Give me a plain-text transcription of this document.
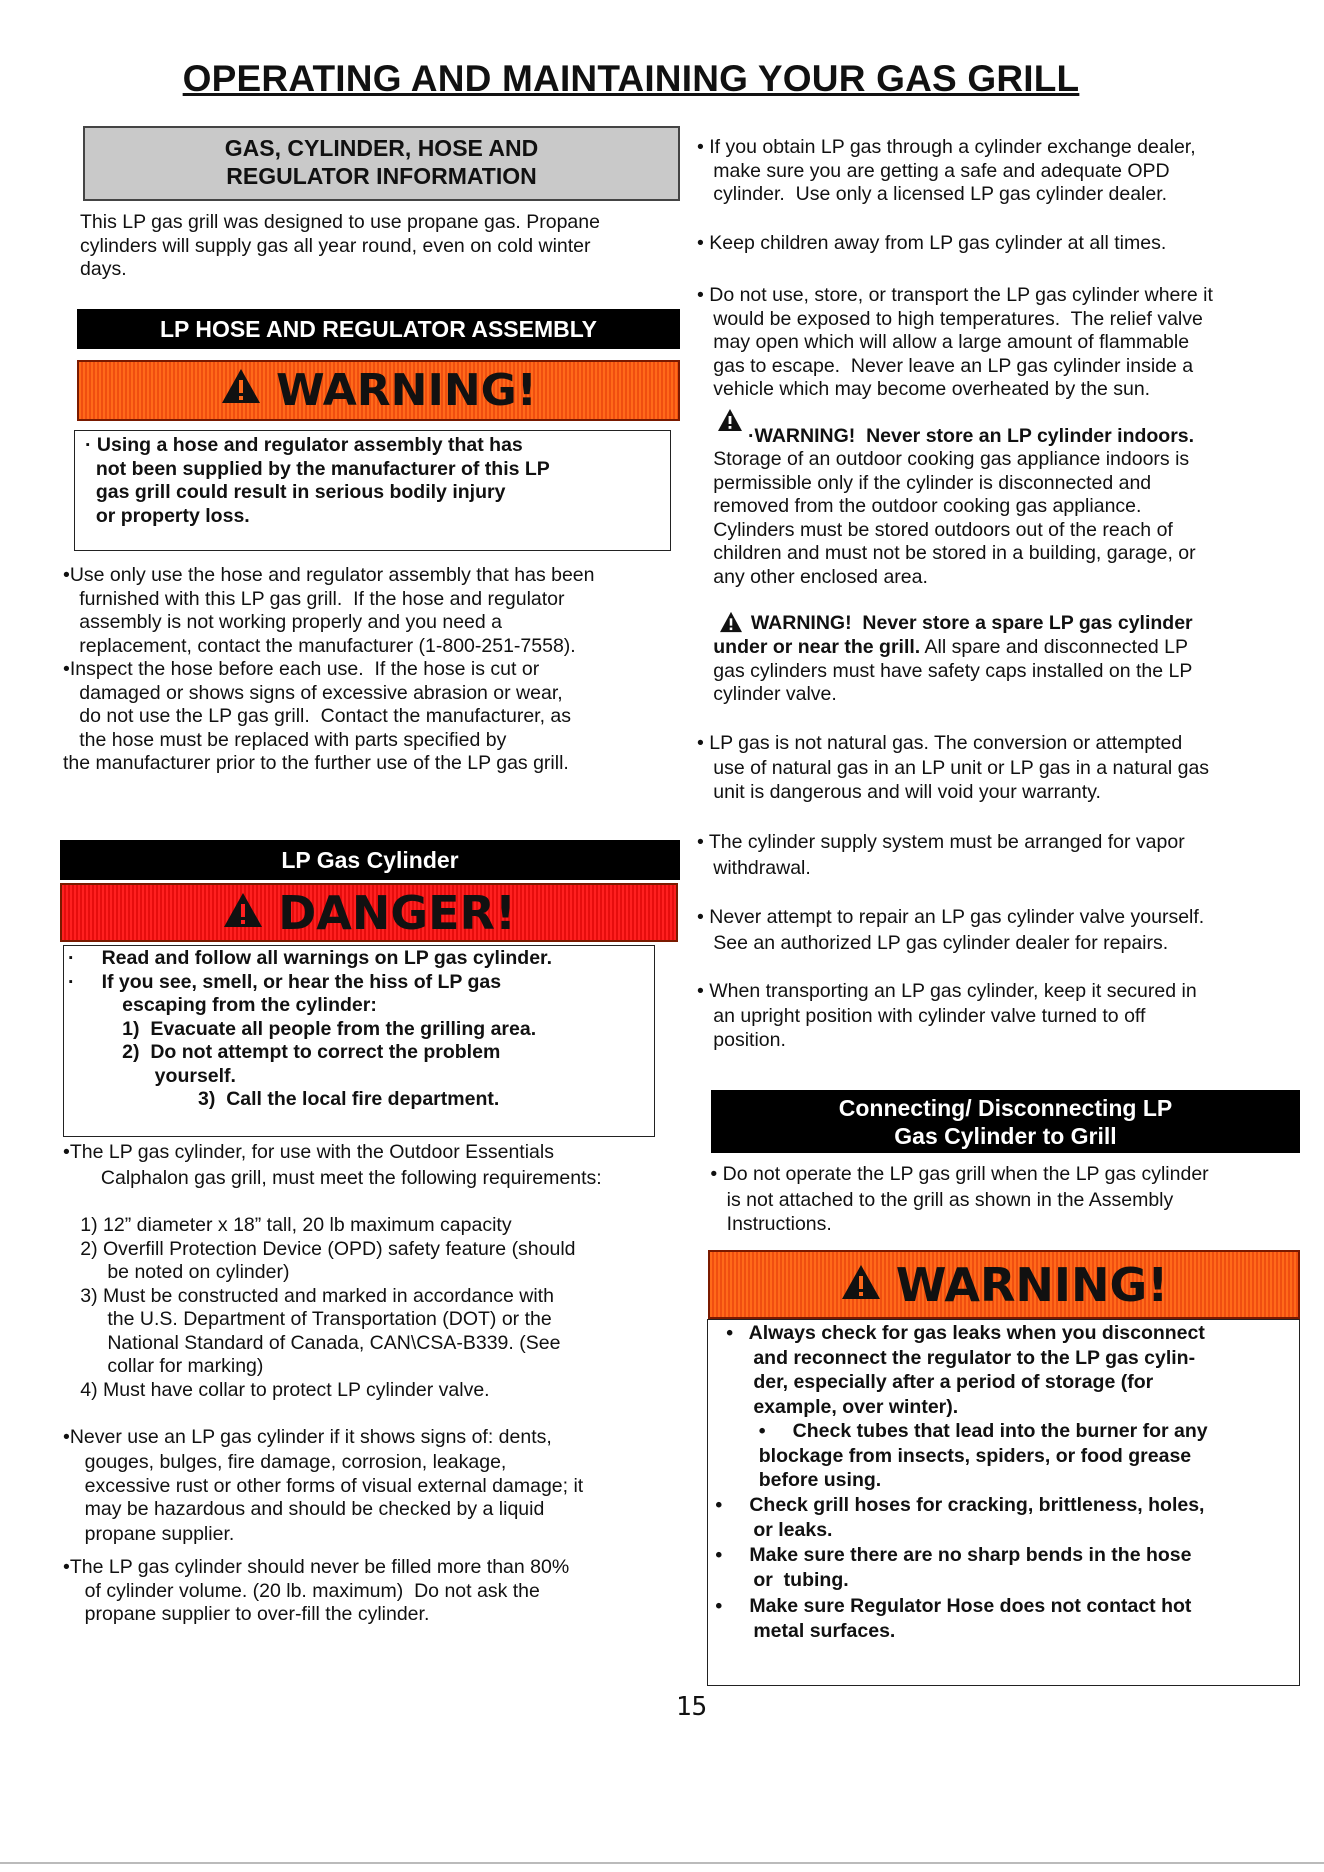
OPERATING AND MAINTAINING YOUR GAS GRILL
GAS, CYLINDER, HOSE AND
REGULATOR INFORMATION
This LP gas grill was designed to use propane gas. Propane
cylinders will supply gas all year round, even on cold winter
days.
LP HOSE AND REGULATOR ASSEMBLY
WARNING!
· Using a hose and regulator assembly that has
not been supplied by the manufacturer of this LP
gas grill could result in serious bodily injury
or property loss.
•Use only use the hose and regulator assembly that has been
furnished with this LP gas grill.  If the hose and regulator
assembly is not working properly and you need a
replacement, contact the manufacturer (1-800-251-7558).
•Inspect the hose before each use.  If the hose is cut or
damaged or shows signs of excessive abrasion or wear,
do not use the LP gas grill.  Contact the manufacturer, as
the hose must be replaced with parts specified by
the manufacturer prior to the further use of the LP gas grill.
LP Gas Cylinder
DANGER!
·     Read and follow all warnings on LP gas cylinder.
·     If you see, smell, or hear the hiss of LP gas
escaping from the cylinder:
1)  Evacuate all people from the grilling area.
2)  Do not attempt to correct the problem
yourself.
3)  Call the local fire department.
•The LP gas cylinder, for use with the Outdoor Essentials
Calphalon gas grill, must meet the following requirements:
1) 12” diameter x 18” tall, 20 lb maximum capacity
2) Overfill Protection Device (OPD) safety feature (should
be noted on cylinder)
3) Must be constructed and marked in accordance with
the U.S. Department of Transportation (DOT) or the
National Standard of Canada, CAN\CSA-B339. (See
collar for marking)
4) Must have collar to protect LP cylinder valve.
•Never use an LP gas cylinder if it shows signs of: dents,
gouges, bulges, fire damage, corrosion, leakage,
excessive rust or other forms of visual external damage; it
may be hazardous and should be checked by a liquid
propane supplier.
•The LP gas cylinder should never be filled more than 80%
of cylinder volume. (20 lb. maximum)  Do not ask the
propane supplier to over-fill the cylinder.
• If you obtain LP gas through a cylinder exchange dealer,
make sure you are getting a safe and adequate OPD
cylinder.  Use only a licensed LP gas cylinder dealer.
• Keep children away from LP gas cylinder at all times.
• Do not use, store, or transport the LP gas cylinder where it
would be exposed to high temperatures.  The relief valve
may open which will allow a large amount of flammable
gas to escape.  Never leave an LP gas cylinder inside a
vehicle which may become overheated by the sun.
·WARNING!  Never store an LP cylinder indoors.
Storage of an outdoor cooking gas appliance indoors is
permissible only if the cylinder is disconnected and
removed from the outdoor cooking gas appliance.
Cylinders must be stored outdoors out of the reach of
children and must not be stored in a building, garage, or
any other enclosed area.
WARNING!  Never store a spare LP gas cylinder
under or near the grill. All spare and disconnected LP
gas cylinders must have safety caps installed on the LP
cylinder valve.
• LP gas is not natural gas. The conversion or attempted
use of natural gas in an LP unit or LP gas in a natural gas
unit is dangerous and will void your warranty.
• The cylinder supply system must be arranged for vapor
withdrawal.
• Never attempt to repair an LP gas cylinder valve yourself.
See an authorized LP gas cylinder dealer for repairs.
• When transporting an LP gas cylinder, keep it secured in
an upright position with cylinder valve turned to off
position.
Connecting/ Disconnecting LP
Gas Cylinder to Grill
• Do not operate the LP gas grill when the LP gas cylinder
is not attached to the grill as shown in the Assembly
Instructions.
WARNING!
•   Always check for gas leaks when you disconnect
and reconnect the regulator to the LP gas cylin-
der, especially after a period of storage (for
example, over winter).
•     Check tubes that lead into the burner for any
blockage from insects, spiders, or food grease
before using.
•     Check grill hoses for cracking, brittleness, holes,
or leaks.
•     Make sure there are no sharp bends in the hose
or  tubing.
•     Make sure Regulator Hose does not contact hot
metal surfaces.
15
